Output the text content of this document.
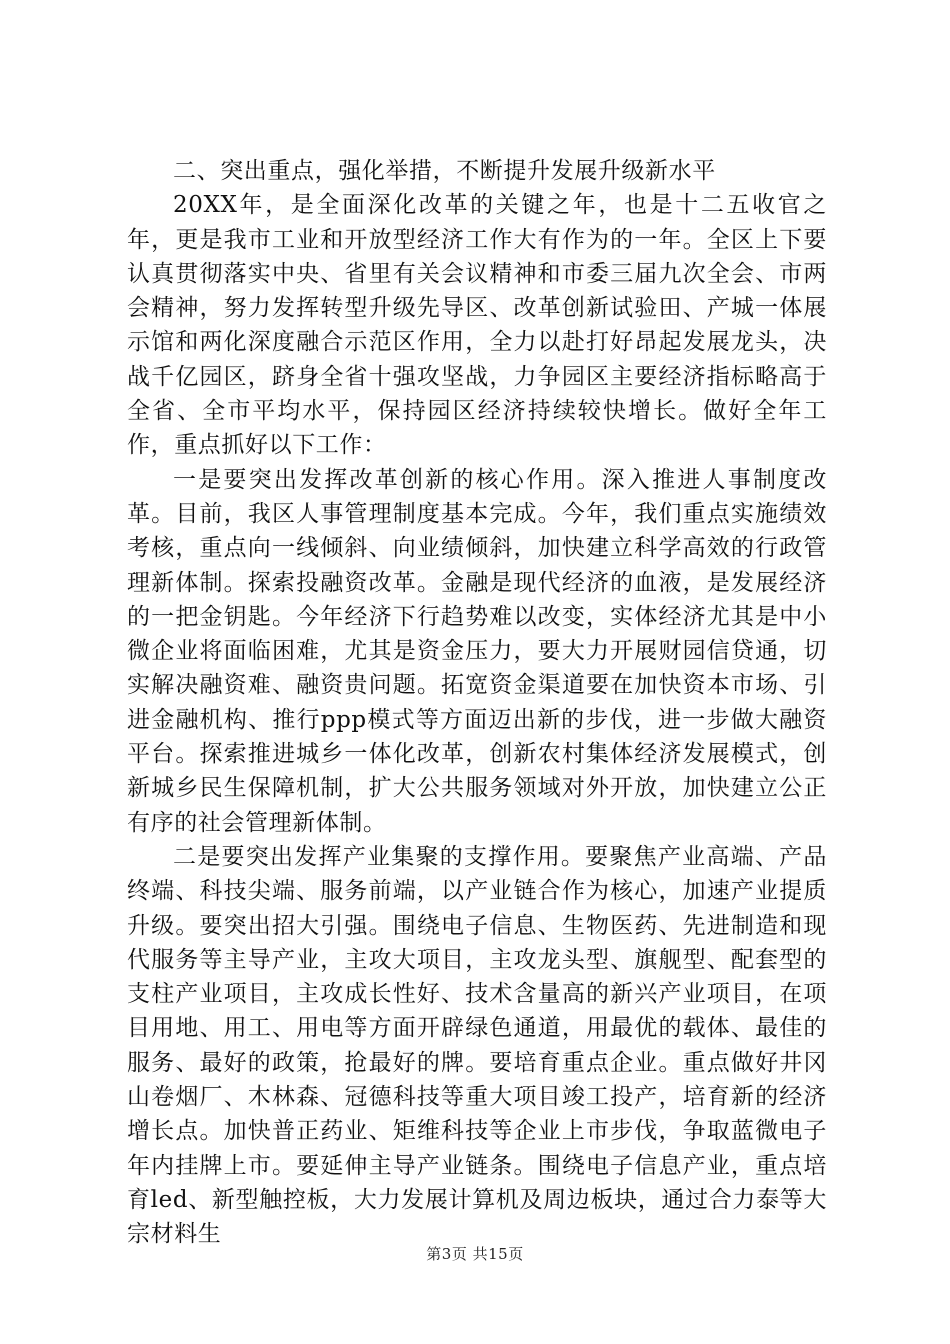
二、突出重点，强化举措，不断提升发展升级新水平

20XX年，是全面深化改革的关键之年，也是十二五收官之年，更是我市工业和开放型经济工作大有作为的一年。全区上下要认真贯彻落实中央、省里有关会议精神和市委三届九次全会、市两会精神，努力发挥转型升级先导区、改革创新试验田、产城一体展示馆和两化深度融合示范区作用，全力以赴打好昂起发展龙头，决战千亿园区，跻身全省十强攻坚战，力争园区主要经济指标略高于全省、全市平均水平，保持园区经济持续较快增长。做好全年工作，重点抓好以下工作：

一是要突出发挥改革创新的核心作用。深入推进人事制度改革。目前，我区人事管理制度基本完成。今年，我们重点实施绩效考核，重点向一线倾斜、向业绩倾斜，加快建立科学高效的行政管理新体制。探索投融资改革。金融是现代经济的血液，是发展经济的一把金钥匙。今年经济下行趋势难以改变，实体经济尤其是中小微企业将面临困难，尤其是资金压力，要大力开展财园信贷通，切实解决融资难、融资贵问题。拓宽资金渠道要在加快资本市场、引进金融机构、推行ppp模式等方面迈出新的步伐，进一步做大融资平台。探索推进城乡一体化改革，创新农村集体经济发展模式，创新城乡民生保障机制，扩大公共服务领域对外开放，加快建立公正有序的社会管理新体制。

二是要突出发挥产业集聚的支撑作用。要聚焦产业高端、产品终端、科技尖端、服务前端，以产业链合作为核心，加速产业提质升级。要突出招大引强。围绕电子信息、生物医药、先进制造和现代服务等主导产业，主攻大项目，主攻龙头型、旗舰型、配套型的支柱产业项目，主攻成长性好、技术含量高的新兴产业项目，在项目用地、用工、用电等方面开辟绿色通道，用最优的载体、最佳的服务、最好的政策，抢最好的牌。要培育重点企业。重点做好井冈山卷烟厂、木林森、冠德科技等重大项目竣工投产，培育新的经济增长点。加快普正药业、矩维科技等企业上市步伐，争取蓝微电子年内挂牌上市。要延伸主导产业链条。围绕电子信息产业，重点培育led、新型触控板，大力发展计算机及周边板块，通过合力泰等大宗材料生

第3页 共15页
